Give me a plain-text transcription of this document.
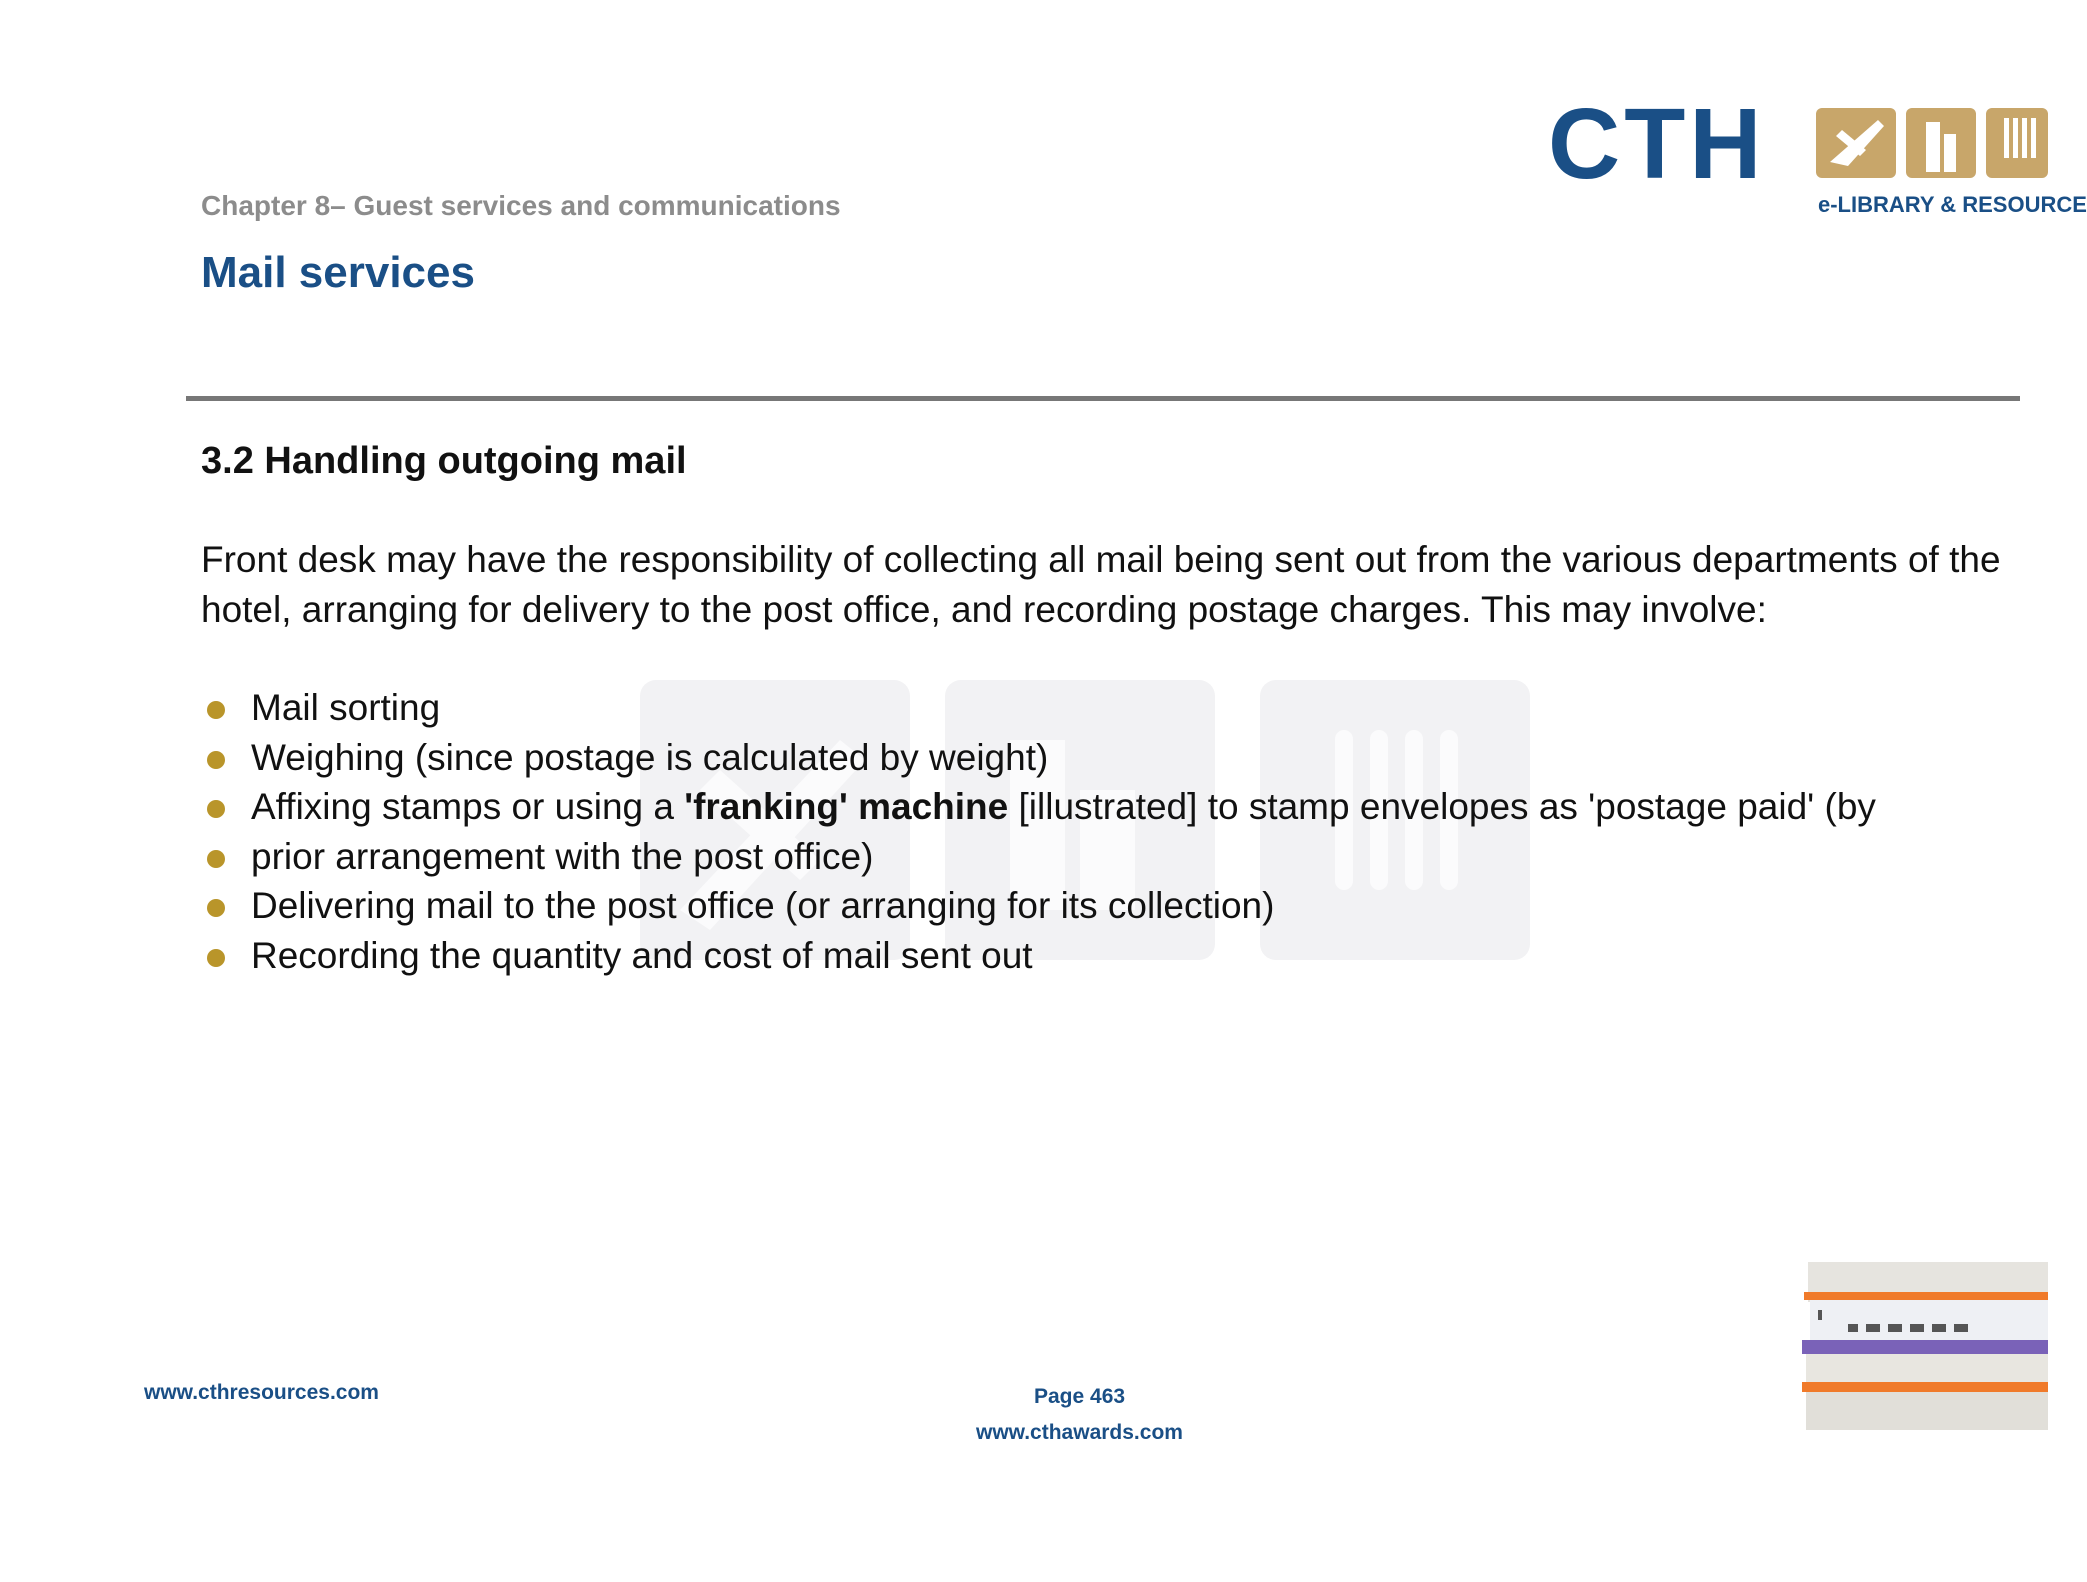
CTH
e-LIBRARY & RESOURCE
Chapter 8– Guest services and communications
Mail services
3.2 Handling outgoing mail
Front desk may have the responsibility of collecting all mail being sent out from the various departments of the hotel, arranging for delivery to the post office, and recording postage charges. This may involve:
Mail sorting
Weighing (since postage is calculated by weight)
Affixing stamps or using a 'franking' machine [illustrated] to stamp envelopes as 'postage paid' (by
prior arrangement with the post office)
Delivering mail to the post office (or arranging for its collection)
Recording the quantity and cost of mail sent out
www.cthresources.com	Page 463
www.cthawards.com
